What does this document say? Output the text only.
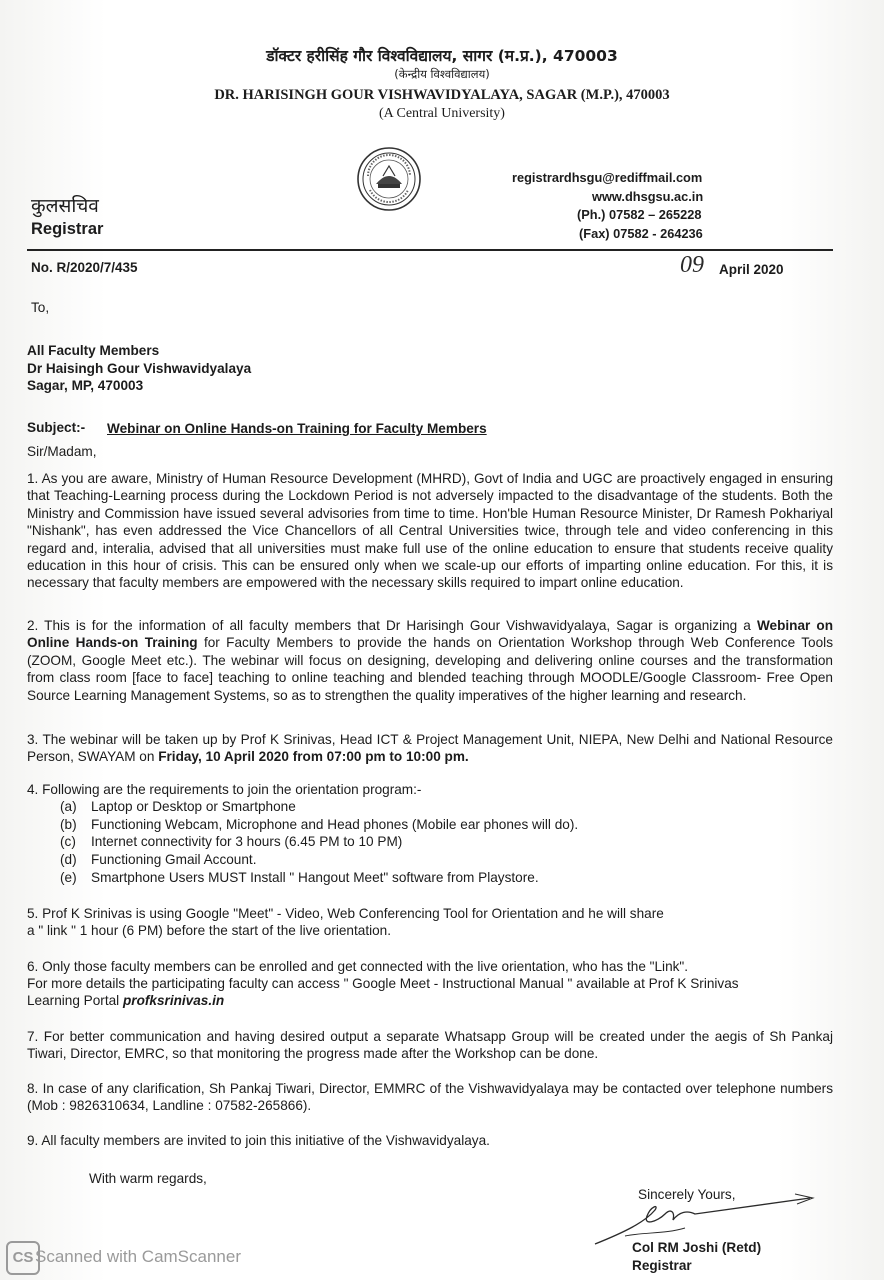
डॉक्टर हरीसिंह गौर विश्वविद्यालय, सागर (म.प्र.), 470003
(केन्द्रीय विश्वविद्यालय)
DR. HARISINGH GOUR VISHWAVIDYALAYA, SAGAR (M.P.), 470003
(A Central University)
कुलसचिव
Registrar
registrardhsgu@rediffmail.com
www.dhsgsu.ac.in
(Ph.) 07582 – 265228
(Fax) 07582 - 264236
No. R/2020/7/435	09 April 2020
To,
All Faculty Members
Dr Haisingh Gour Vishwavidyalaya
Sagar, MP, 470003
Subject:- Webinar on Online Hands-on Training for Faculty Members
Sir/Madam,

1. As you are aware, Ministry of Human Resource Development (MHRD), Govt of India and UGC are proactively engaged in ensuring that Teaching-Learning process during the Lockdown Period is not adversely impacted to the disadvantage of the students. Both the Ministry and Commission have issued several advisories from time to time. Hon'ble Human Resource Minister, Dr Ramesh Pokhariyal "Nishank", has even addressed the Vice Chancellors of all Central Universities twice, through tele and video conferencing in this regard and, interalia, advised that all universities must make full use of the online education to ensure that students receive quality education in this hour of crisis. This can be ensured only when we scale-up our efforts of imparting online education. For this, it is necessary that faculty members are empowered with the necessary skills required to impart online education.

2. This is for the information of all faculty members that Dr Harisingh Gour Vishwavidyalaya, Sagar is organizing a Webinar on Online Hands-on Training for Faculty Members to provide the hands on Orientation Workshop through Web Conference Tools (ZOOM, Google Meet etc.). The webinar will focus on designing, developing and delivering online courses and the transformation from class room [face to face] teaching to online teaching and blended teaching through MOODLE/Google Classroom- Free Open Source Learning Management Systems, so as to strengthen the quality imperatives of the higher learning and research.

3. The webinar will be taken up by Prof K Srinivas, Head ICT & Project Management Unit, NIEPA, New Delhi and National Resource Person, SWAYAM on Friday, 10 April 2020 from 07:00 pm to 10:00 pm.

4. Following are the requirements to join the orientation program:-
(a) Laptop or Desktop or Smartphone
(b) Functioning Webcam, Microphone and Head phones (Mobile ear phones will do).
(c) Internet connectivity for 3 hours (6.45 PM to 10 PM)
(d) Functioning Gmail Account.
(e) Smartphone Users MUST Install " Hangout Meet" software from Playstore.
5. Prof K Srinivas is using Google "Meet" - Video, Web Conferencing Tool for Orientation and he will share
a " link " 1 hour (6 PM) before the start of the live orientation.
6. Only those faculty members can be enrolled and get connected with the live orientation, who has the "Link".
For more details the participating faculty can access " Google Meet - Instructional Manual " available at Prof K Srinivas
Learning Portal profksrinivas.in

7. For better communication and having desired output a separate Whatsapp Group will be created under the aegis of Sh Pankaj Tiwari, Director, EMRC, so that monitoring the progress made after the Workshop can be done.

8. In case of any clarification, Sh Pankaj Tiwari, Director, EMMRC of the Vishwavidyalaya may be contacted over telephone numbers (Mob : 9826310634, Landline : 07582-265866).

9. All faculty members are invited to join this initiative of the Vishwavidyalaya.
With warm regards,
Sincerely Yours,
Col RM Joshi (Retd)
Registrar
CS Scanned with CamScanner
